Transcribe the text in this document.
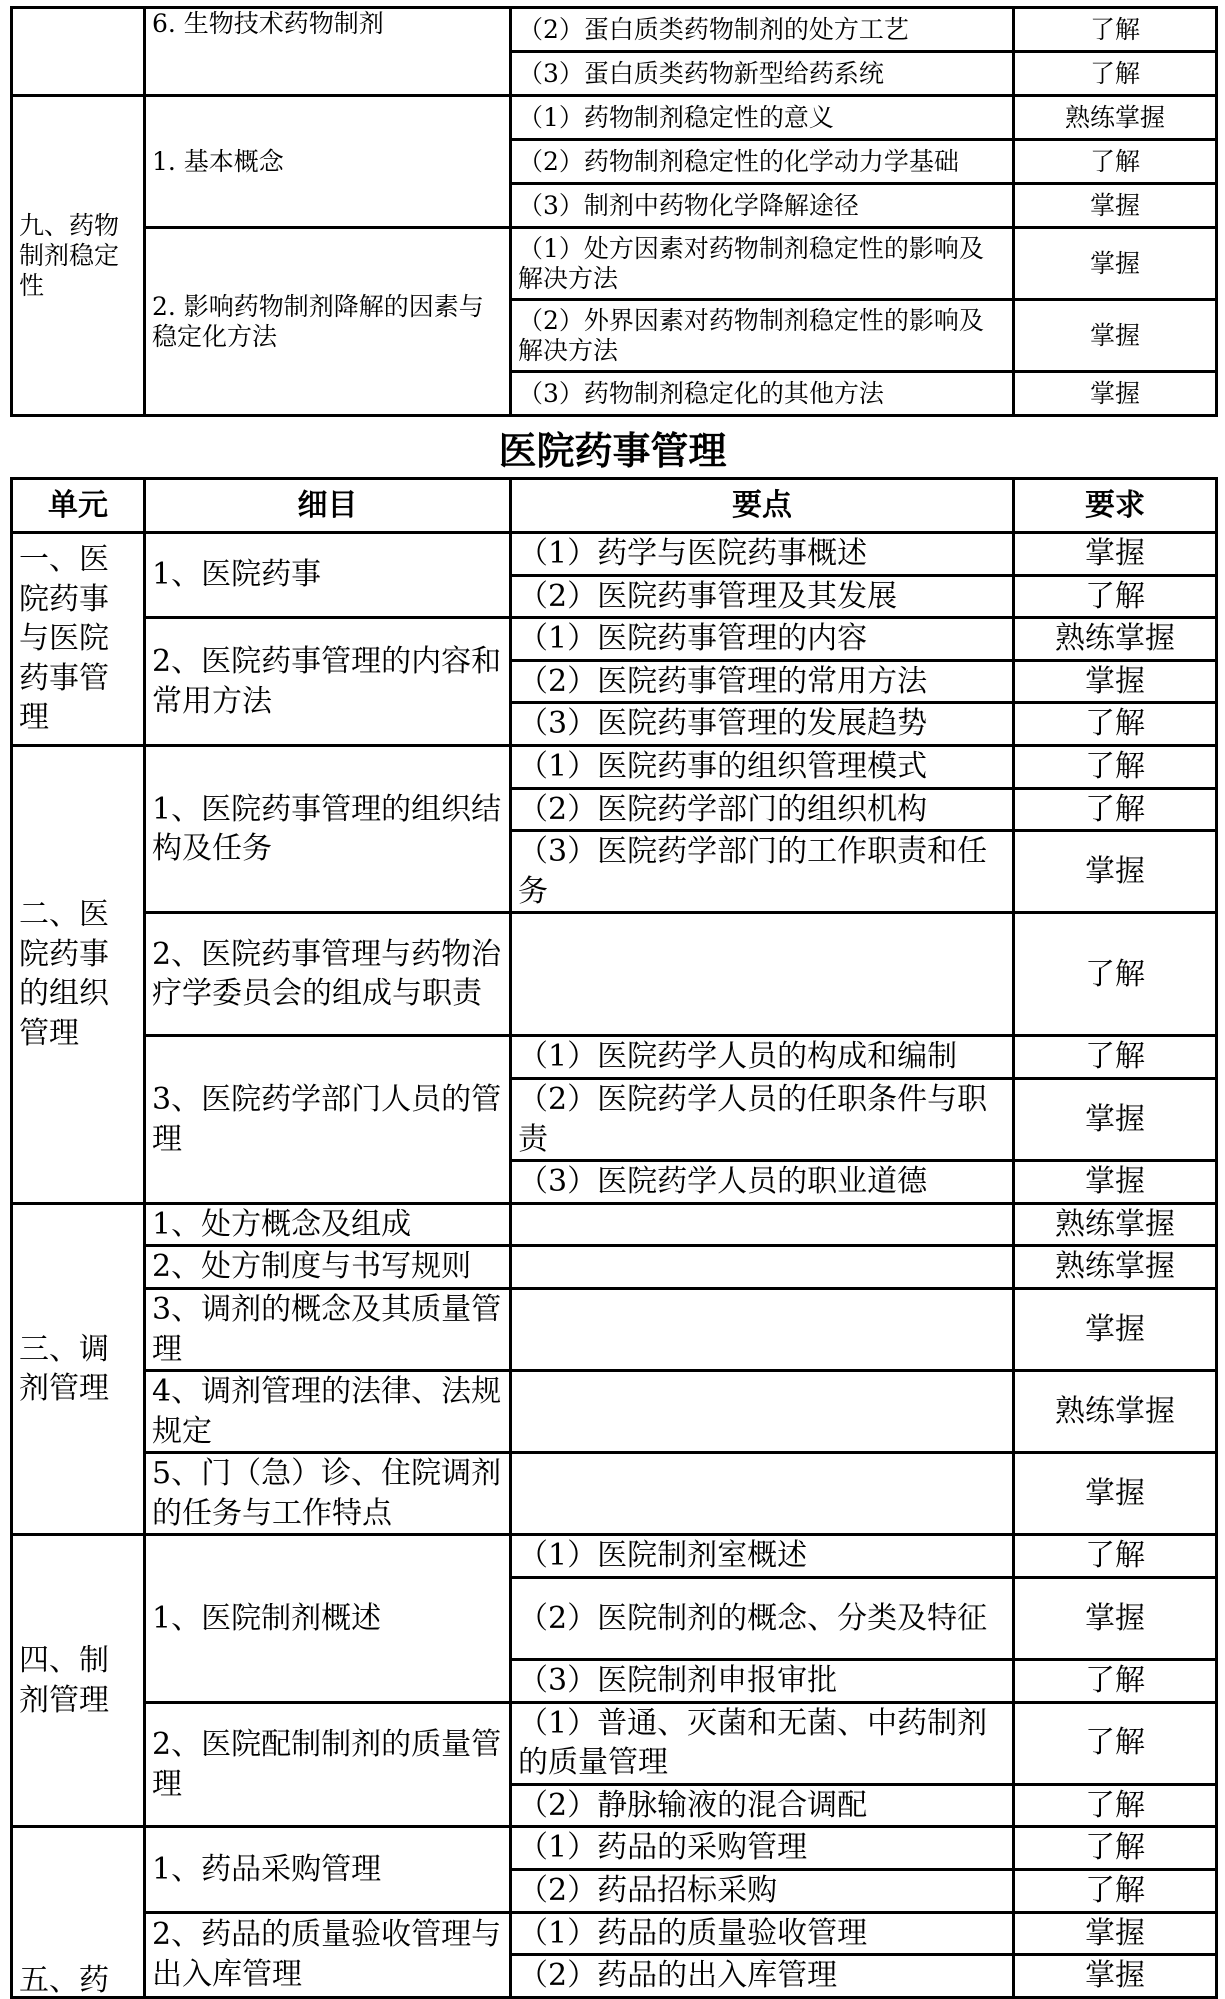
	6. 生物技术药物制剂	（2）蛋白质类药物制剂的处方工艺	了解
		（3）蛋白质类药物新型给药系统	了解
九、药物制剂稳定性	1. 基本概念	（1）药物制剂稳定性的意义	熟练掌握
		（2）药物制剂稳定性的化学动力学基础	了解
		（3）制剂中药物化学降解途径	掌握
	2. 影响药物制剂降解的因素与稳定化方法	（1）处方因素对药物制剂稳定性的影响及解决方法	掌握
		（2）外界因素对药物制剂稳定性的影响及解决方法	掌握
		（3）药物制剂稳定化的其他方法	掌握
医院药事管理
单元	细目	要点	要求
一、医院药事与医院药事管理	1、医院药事	（1）药学与医院药事概述	掌握
		（2）医院药事管理及其发展	了解
	2、医院药事管理的内容和常用方法	（1）医院药事管理的内容	熟练掌握
		（2）医院药事管理的常用方法	掌握
		（3）医院药事管理的发展趋势	了解
二、医院药事的组织管理	1、医院药事管理的组织结构及任务	（1）医院药事的组织管理模式	了解
		（2）医院药学部门的组织机构	了解
		（3）医院药学部门的工作职责和任务	掌握
	2、医院药事管理与药物治疗学委员会的组成与职责		了解
	3、医院药学部门人员的管理	（1）医院药学人员的构成和编制	了解
		（2）医院药学人员的任职条件与职责	掌握
		（3）医院药学人员的职业道德	掌握
三、调剂管理	1、处方概念及组成		熟练掌握
	2、处方制度与书写规则		熟练掌握
	3、调剂的概念及其质量管理		掌握
	4、调剂管理的法律、法规规定		熟练掌握
	5、门（急）诊、住院调剂的任务与工作特点		掌握
四、制剂管理	1、医院制剂概述	（1）医院制剂室概述	了解
		（2）医院制剂的概念、分类及特征	掌握
		（3）医院制剂申报审批	了解
	2、医院配制制剂的质量管理	（1）普通、灭菌和无菌、中药制剂的质量管理	了解
		（2）静脉输液的混合调配	了解
五、药	1、药品采购管理	（1）药品的采购管理	了解
		（2）药品招标采购	了解
	2、药品的质量验收管理与出入库管理	（1）药品的质量验收管理	掌握
		（2）药品的出入库管理	掌握
